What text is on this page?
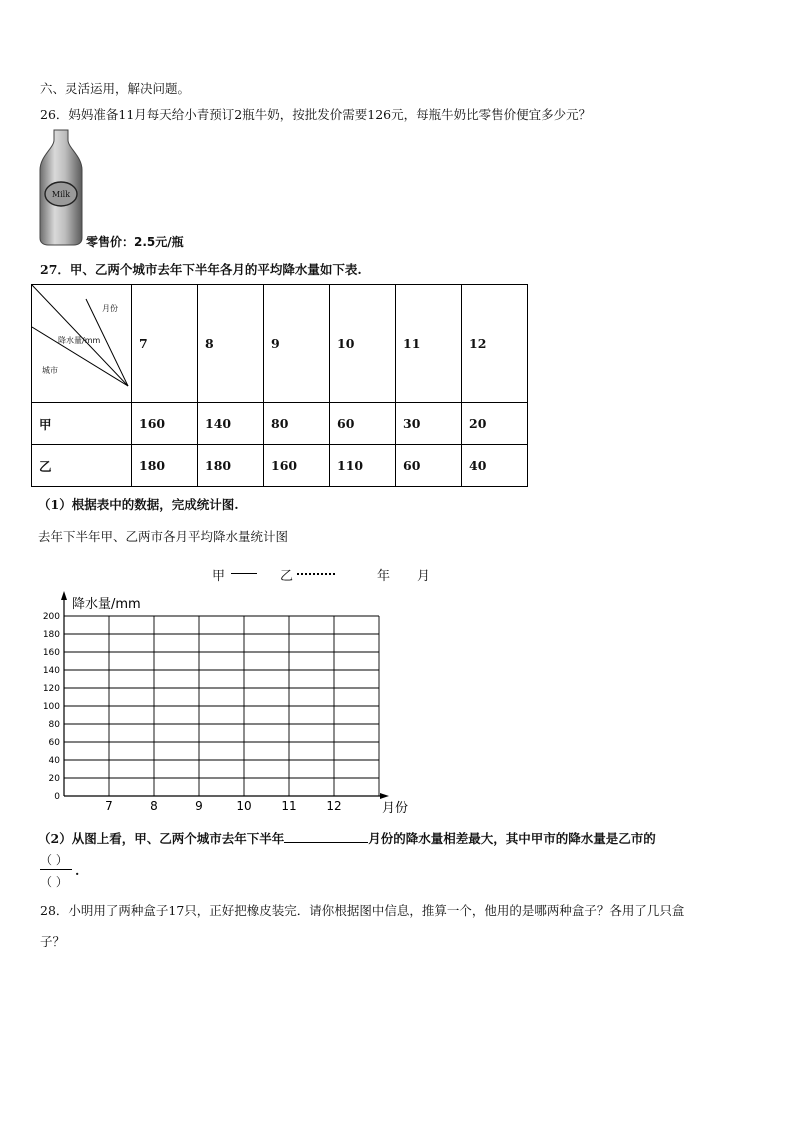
六、灵活运用，解决问题。
26．妈妈准备11月每天给小青预订2瓶牛奶，按批发价需要126元，每瓶牛奶比零售价便宜多少元？
Milk
零售价：2.5元/瓶
27．甲、乙两个城市去年下半年各月的平均降水量如下表.
月份
降水量/mm
城市	7	8	9	10	11	12
甲	160	140	80	60	30	20
乙	180	180	160	110	60	40
（1）根据表中的数据，完成统计图.
去年下半年甲、乙两市各月平均降水量统计图
甲	乙	年 月
0
20
40
60
80
100
120
140
160
180
200
7	8	9	10 11 12
降水量/mm
月份
（2）从图上看，甲、乙两个城市去年下半年	月份的降水量相差最大，其中甲市的降水量是乙市的
（ ）
（ ）
.
28．小明用了两种盒子17只，正好把橡皮装完．请你根据图中信息，推算一个，他用的是哪两种盒子？各用了几只盒
子？
